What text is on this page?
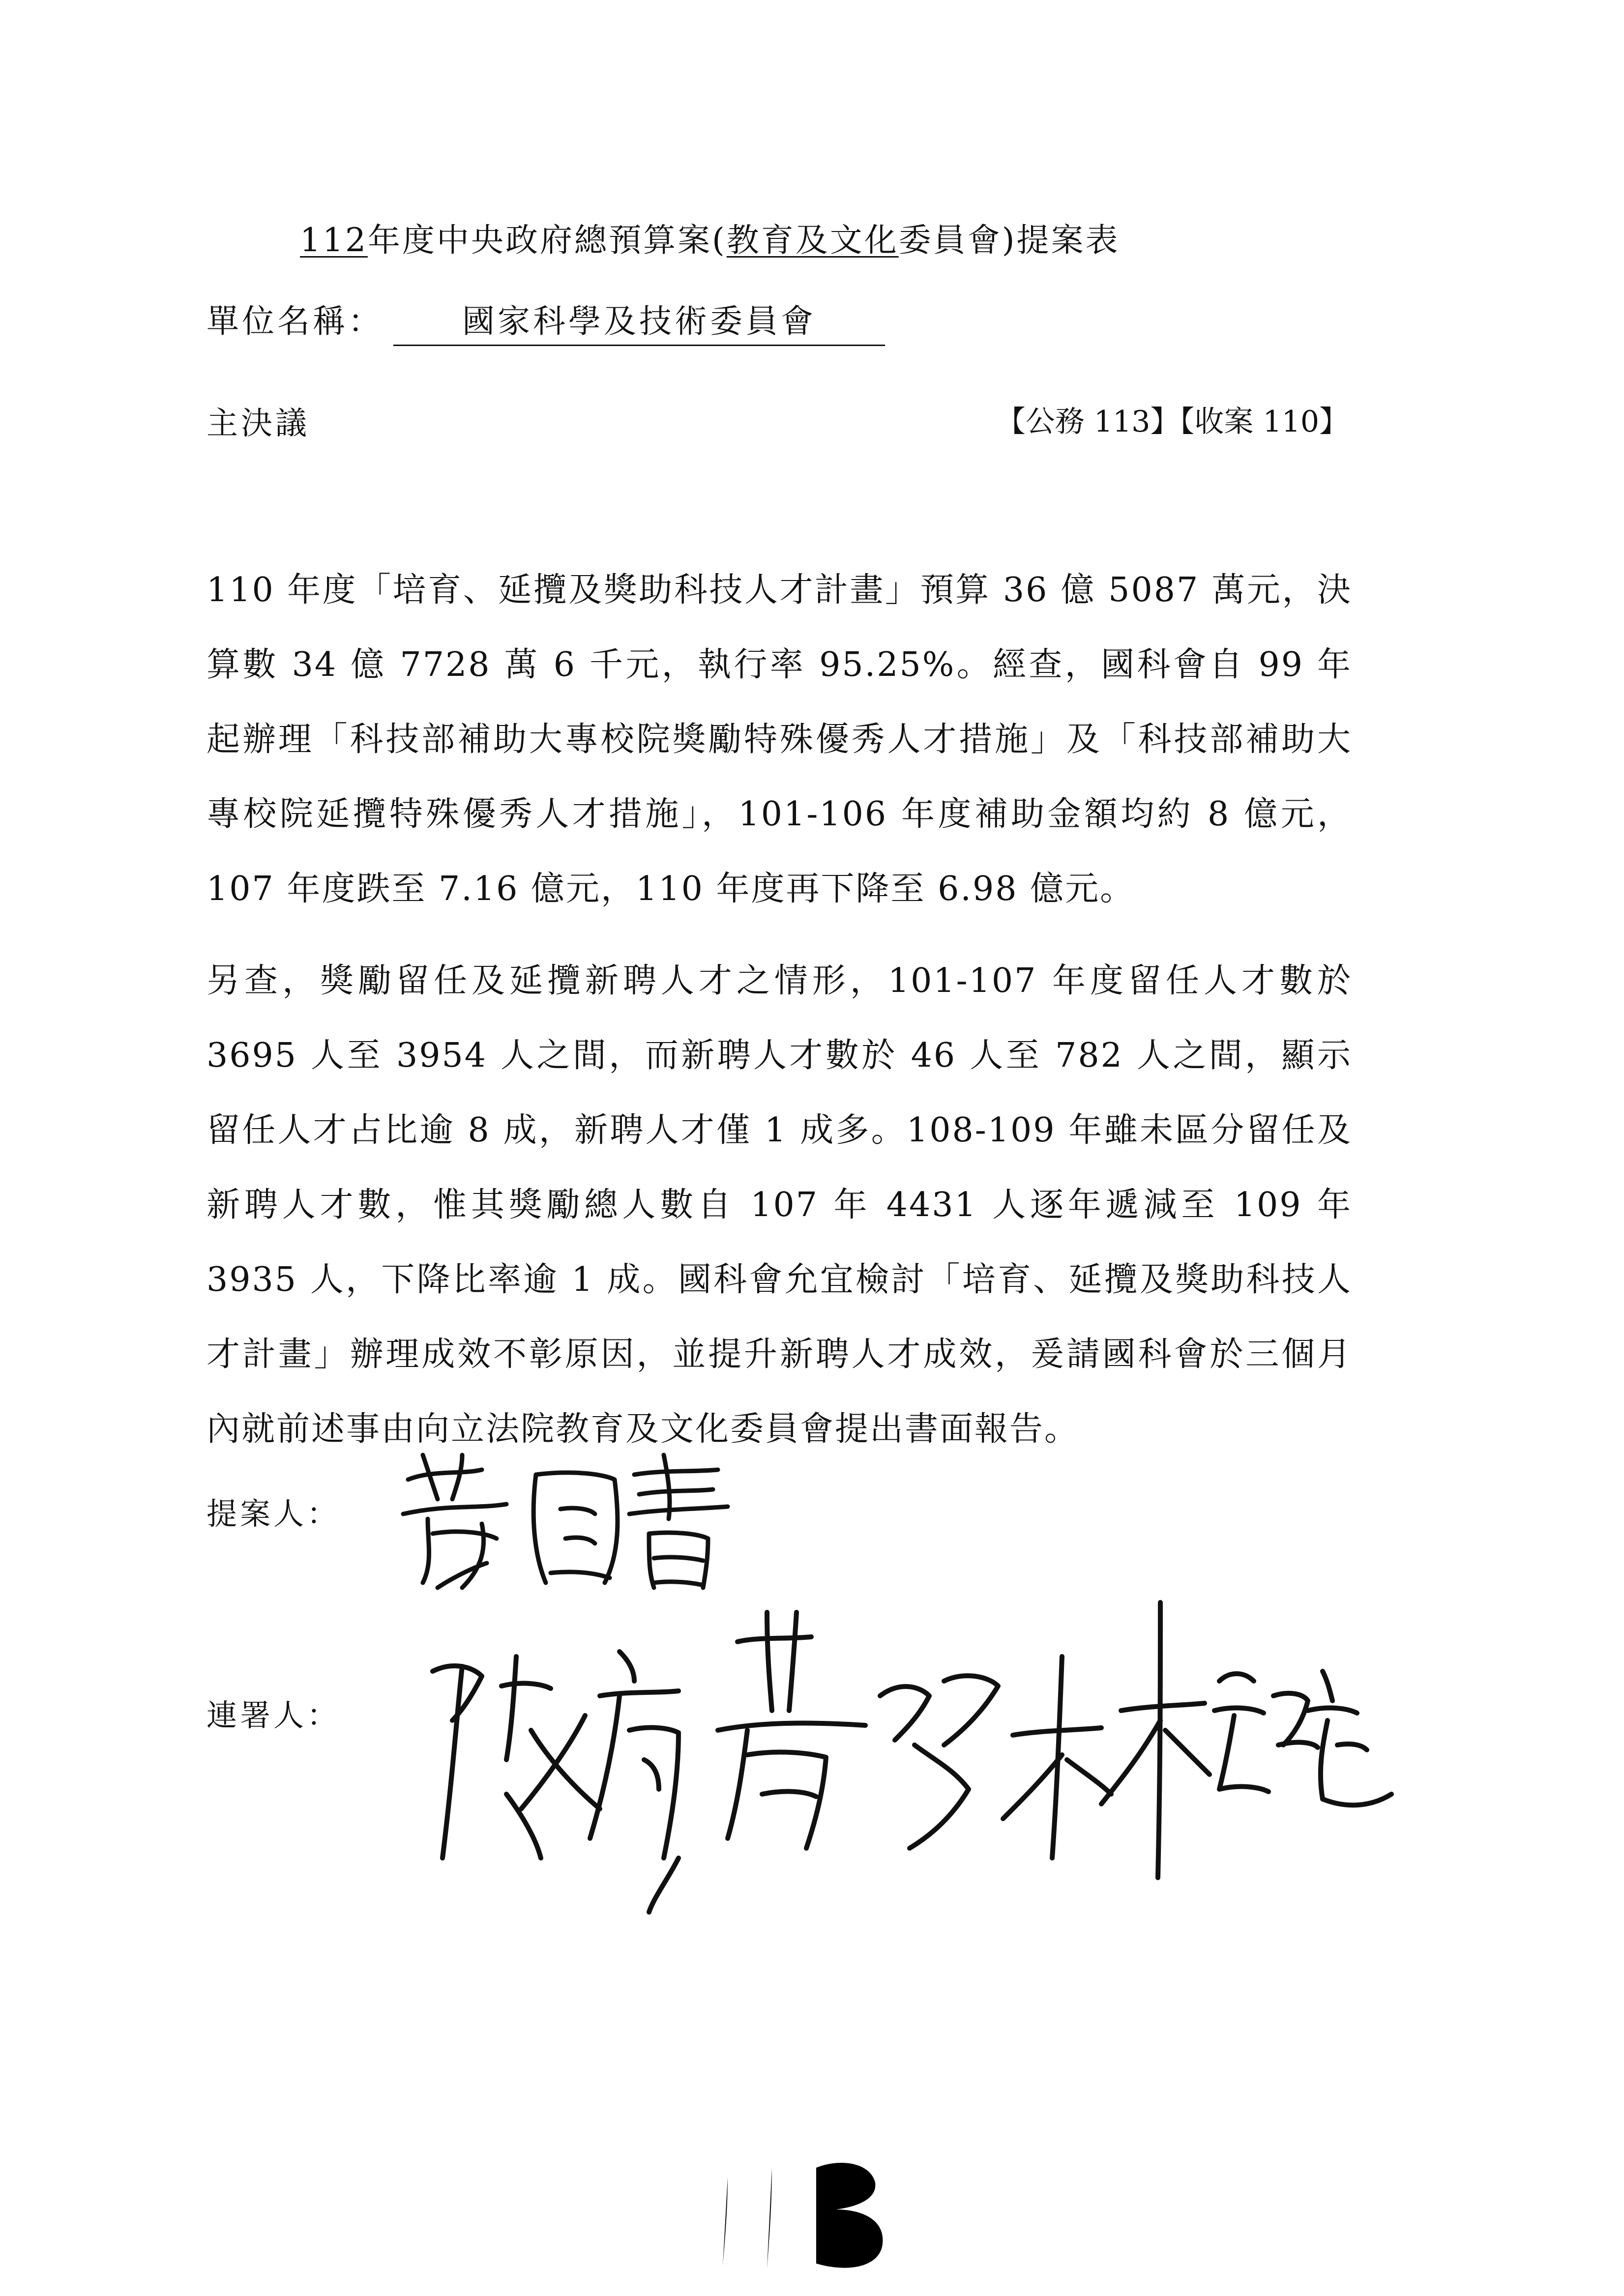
112年度中央政府總預算案(教育及文化委員會)提案表
單位名稱： 國家科學及技術委員會
主決議	【公務 113】【收案 110】
110 年度「培育、延攬及獎助科技人才計畫」預算 36 億 5087 萬元，決算數 34 億 7728 萬 6 千元，執行率 95.25%。經查，國科會自 99 年起辦理「科技部補助大專校院獎勵特殊優秀人才措施」及「科技部補助大專校院延攬特殊優秀人才措施」，101-106 年度補助金額均約 8 億元，107 年度跌至 7.16 億元，110 年度再下降至 6.98 億元。
另查，獎勵留任及延攬新聘人才之情形，101-107 年度留任人才數於 3695 人至 3954 人之間，而新聘人才數於 46 人至 782 人之間，顯示留任人才占比逾 8 成，新聘人才僅 1 成多。108-109 年雖未區分留任及新聘人才數，惟其獎勵總人數自 107 年 4431 人逐年遞減至 109 年 3935 人，下降比率逾 1 成。國科會允宜檢討「培育、延攬及獎助科技人才計畫」辦理成效不彰原因，並提升新聘人才成效，爰請國科會於三個月內就前述事由向立法院教育及文化委員會提出書面報告。
提案人：
連署人：
